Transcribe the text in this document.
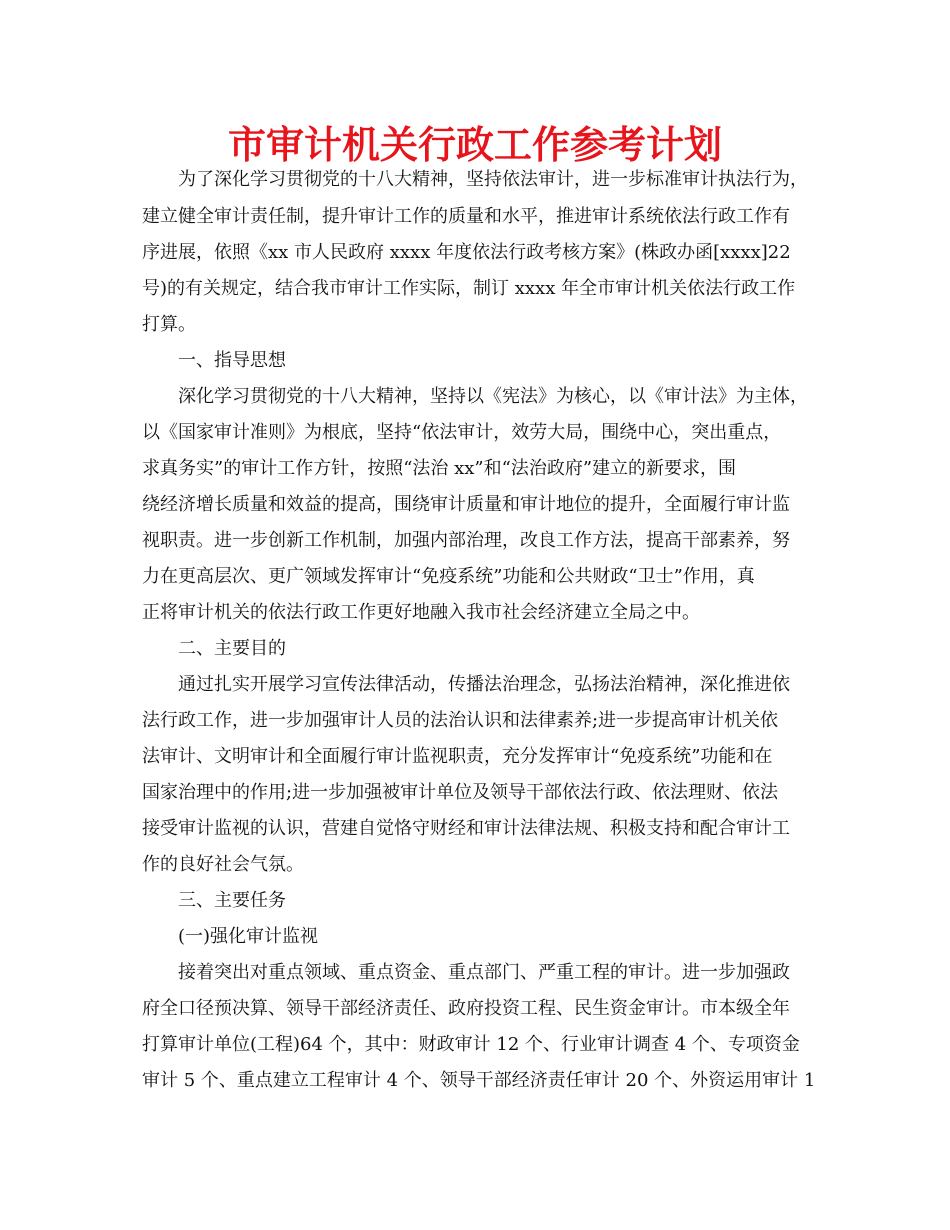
市审计机关行政工作参考计划
为了深化学习贯彻党的十八大精神，坚持依法审计，进一步标准审计执法行为，
建立健全审计责任制，提升审计工作的质量和水平，推进审计系统依法行政工作有
序进展，依照《xx 市人民政府 xxxx 年度依法行政考核方案》(株政办函[xxxx]22
号)的有关规定，结合我市审计工作实际，制订 xxxx 年全市审计机关依法行政工作
打算。
一、指导思想
深化学习贯彻党的十八大精神，坚持以《宪法》为核心，以《审计法》为主体，
以《国家审计准则》为根底，坚持“依法审计，效劳大局，围绕中心，突出重点，
求真务实”的审计工作方针，按照“法治 xx”和“法治政府”建立的新要求，围
绕经济增长质量和效益的提高，围绕审计质量和审计地位的提升，全面履行审计监
视职责。进一步创新工作机制，加强内部治理，改良工作方法，提高干部素养，努
力在更高层次、更广领域发挥审计“免疫系统”功能和公共财政“卫士”作用，真
正将审计机关的依法行政工作更好地融入我市社会经济建立全局之中。
二、主要目的
通过扎实开展学习宣传法律活动，传播法治理念，弘扬法治精神，深化推进依
法行政工作，进一步加强审计人员的法治认识和法律素养;进一步提高审计机关依
法审计、文明审计和全面履行审计监视职责，充分发挥审计“免疫系统”功能和在
国家治理中的作用;进一步加强被审计单位及领导干部依法行政、依法理财、依法
接受审计监视的认识，营建自觉恪守财经和审计法律法规、积极支持和配合审计工
作的良好社会气氛。
三、主要任务
(一)强化审计监视
接着突出对重点领域、重点资金、重点部门、严重工程的审计。进一步加强政
府全口径预决算、领导干部经济责任、政府投资工程、民生资金审计。市本级全年
打算审计单位(工程)64 个，其中：财政审计 12 个、行业审计调查 4 个、专项资金
审计 5 个、重点建立工程审计 4 个、领导干部经济责任审计 20 个、外资运用审计 1
